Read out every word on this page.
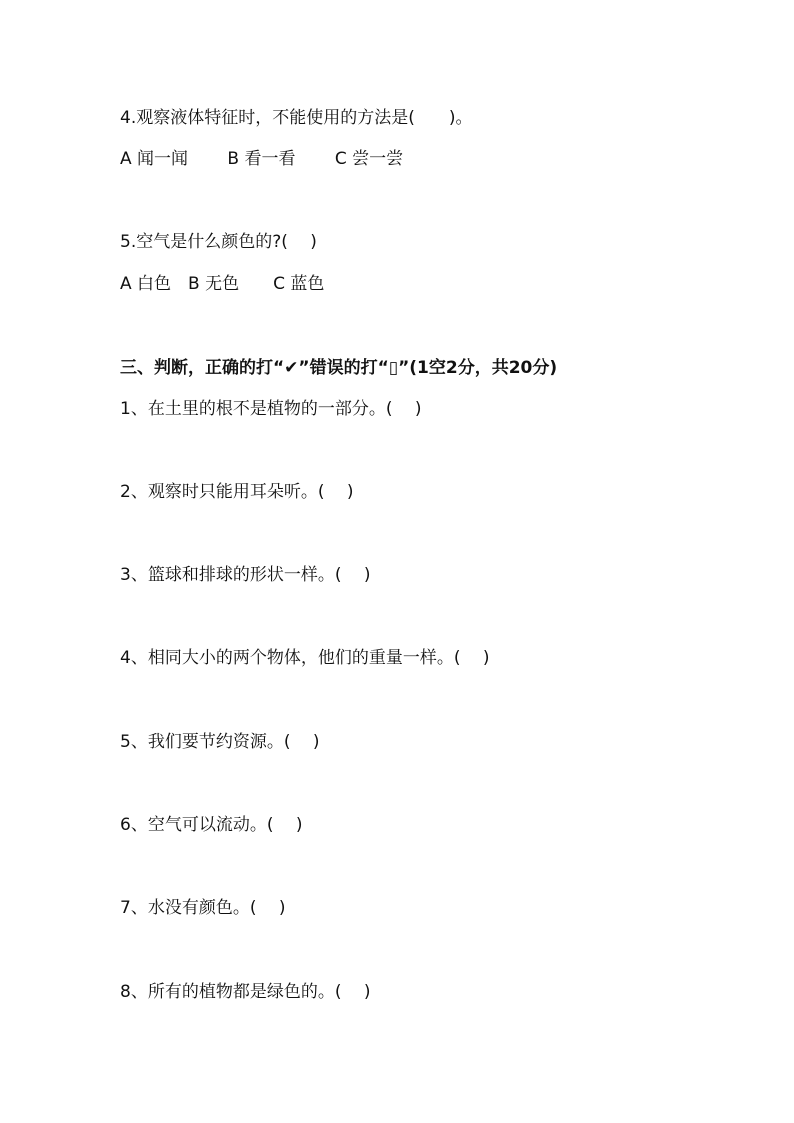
4.观察液体特征时，不能使用的方法是(　　)。
A 闻一闻　　 B 看一看　　 C 尝一尝
5.空气是什么颜色的?(　 )
A 白色　B 无色　　C 蓝色
三、判断，正确的打“✔”错误的打“▯”(1空2分，共20分)
1、在土里的根不是植物的一部分。(　 )
2、观察时只能用耳朵听。(　 )
3、篮球和排球的形状一样。(　 )
4、相同大小的两个物体，他们的重量一样。(　 )
5、我们要节约资源。(　 )
6、空气可以流动。(　 )
7、水没有颜色。(　 )
8、所有的植物都是绿色的。(　 )
